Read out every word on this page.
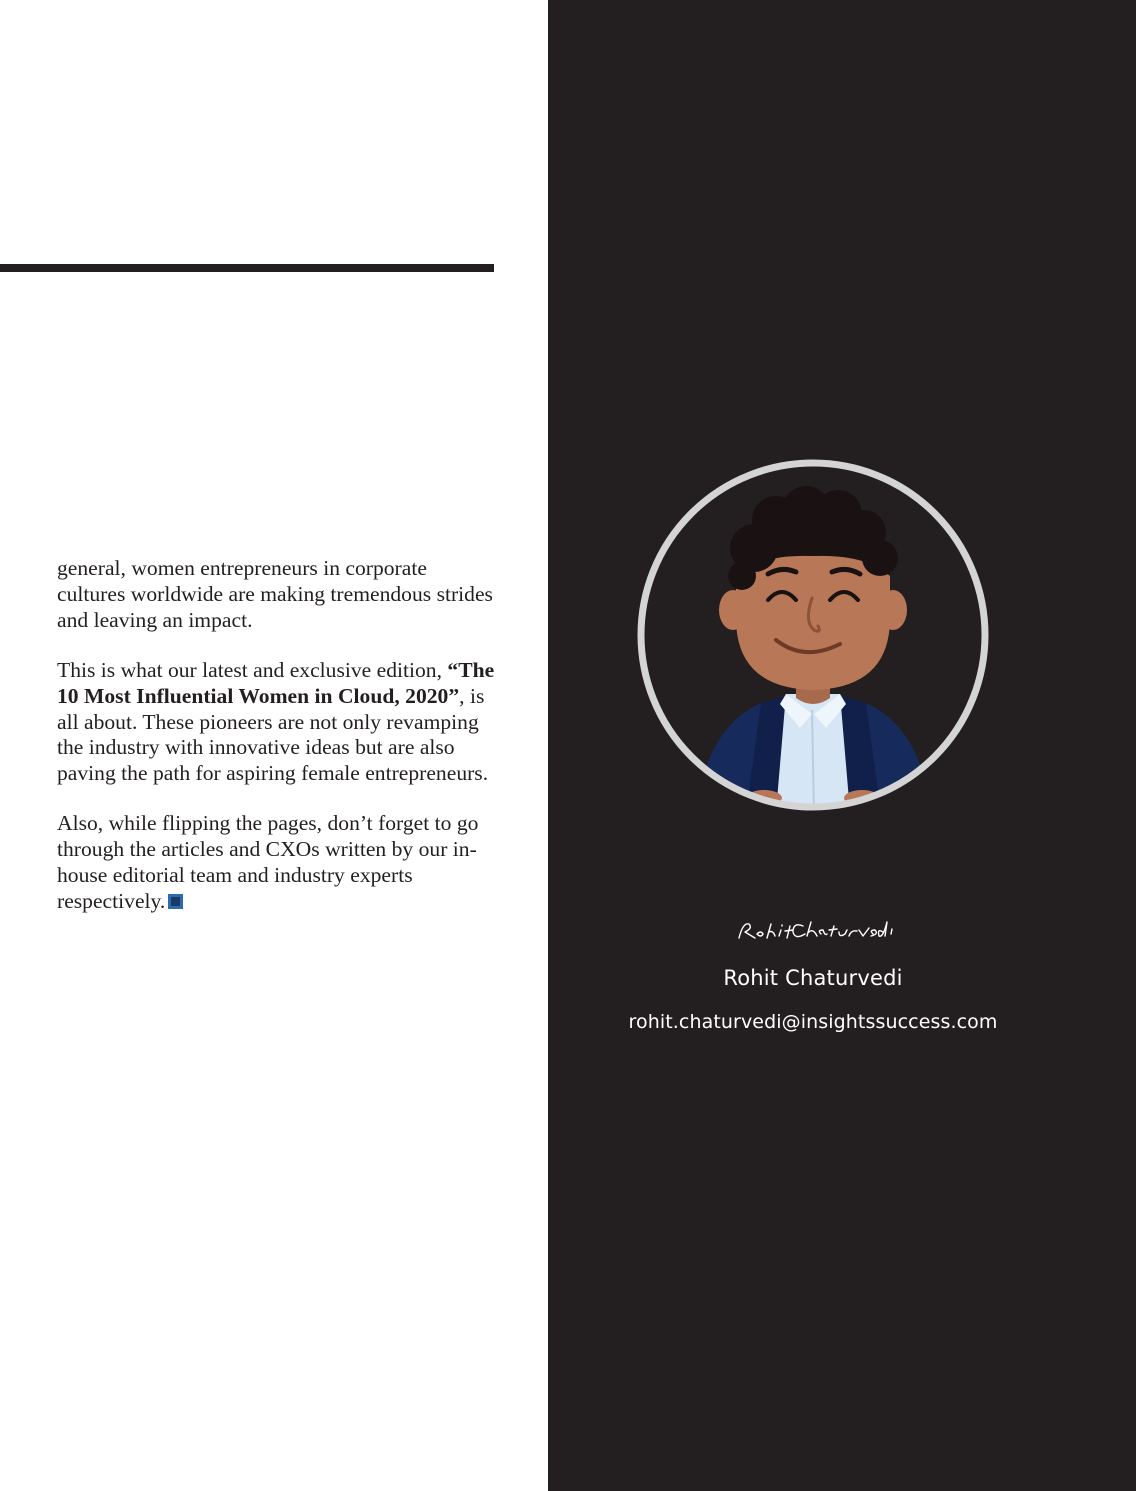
general, women entrepreneurs in corporate cultures worldwide are making tremendous strides and leaving an impact.

This is what our latest and exclusive edition, “The 10 Most Influential Women in Cloud, 2020”, is all about. These pioneers are not only revamping the industry with innovative ideas but are also paving the path for aspiring female entrepreneurs.

Also, while flipping the pages, don’t forget to go through the articles and CXOs written by our in-house editorial team and industry experts respectively.

Rohit Chaturvedi
rohit.chaturvedi@insightssuccess.com
